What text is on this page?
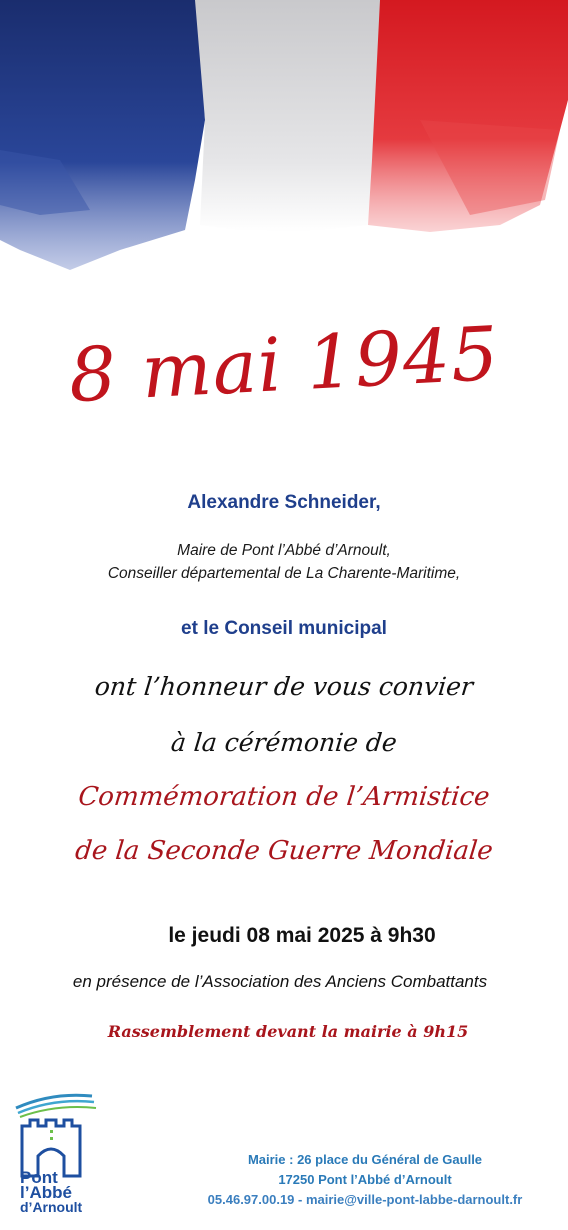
8 mai 1945
Alexandre Schneider,
Maire de Pont l’Abbé d’Arnoult,
Conseiller départemental de La Charente-Maritime,
et le Conseil municipal
ont l’honneur de vous convier
à la cérémonie de
Commémoration de l’Armistice
de la Seconde Guerre Mondiale
le jeudi 08 mai 2025 à 9h30
en présence de l’Association des Anciens Combattants
Rassemblement devant la mairie à 9h15
Pont
l’Abbé
d’Arnoult
Mairie : 26 place du Général de Gaulle
17250 Pont l’Abbé d’Arnoult
05.46.97.00.19 - mairie@ville-pont-labbe-darnoult.fr
